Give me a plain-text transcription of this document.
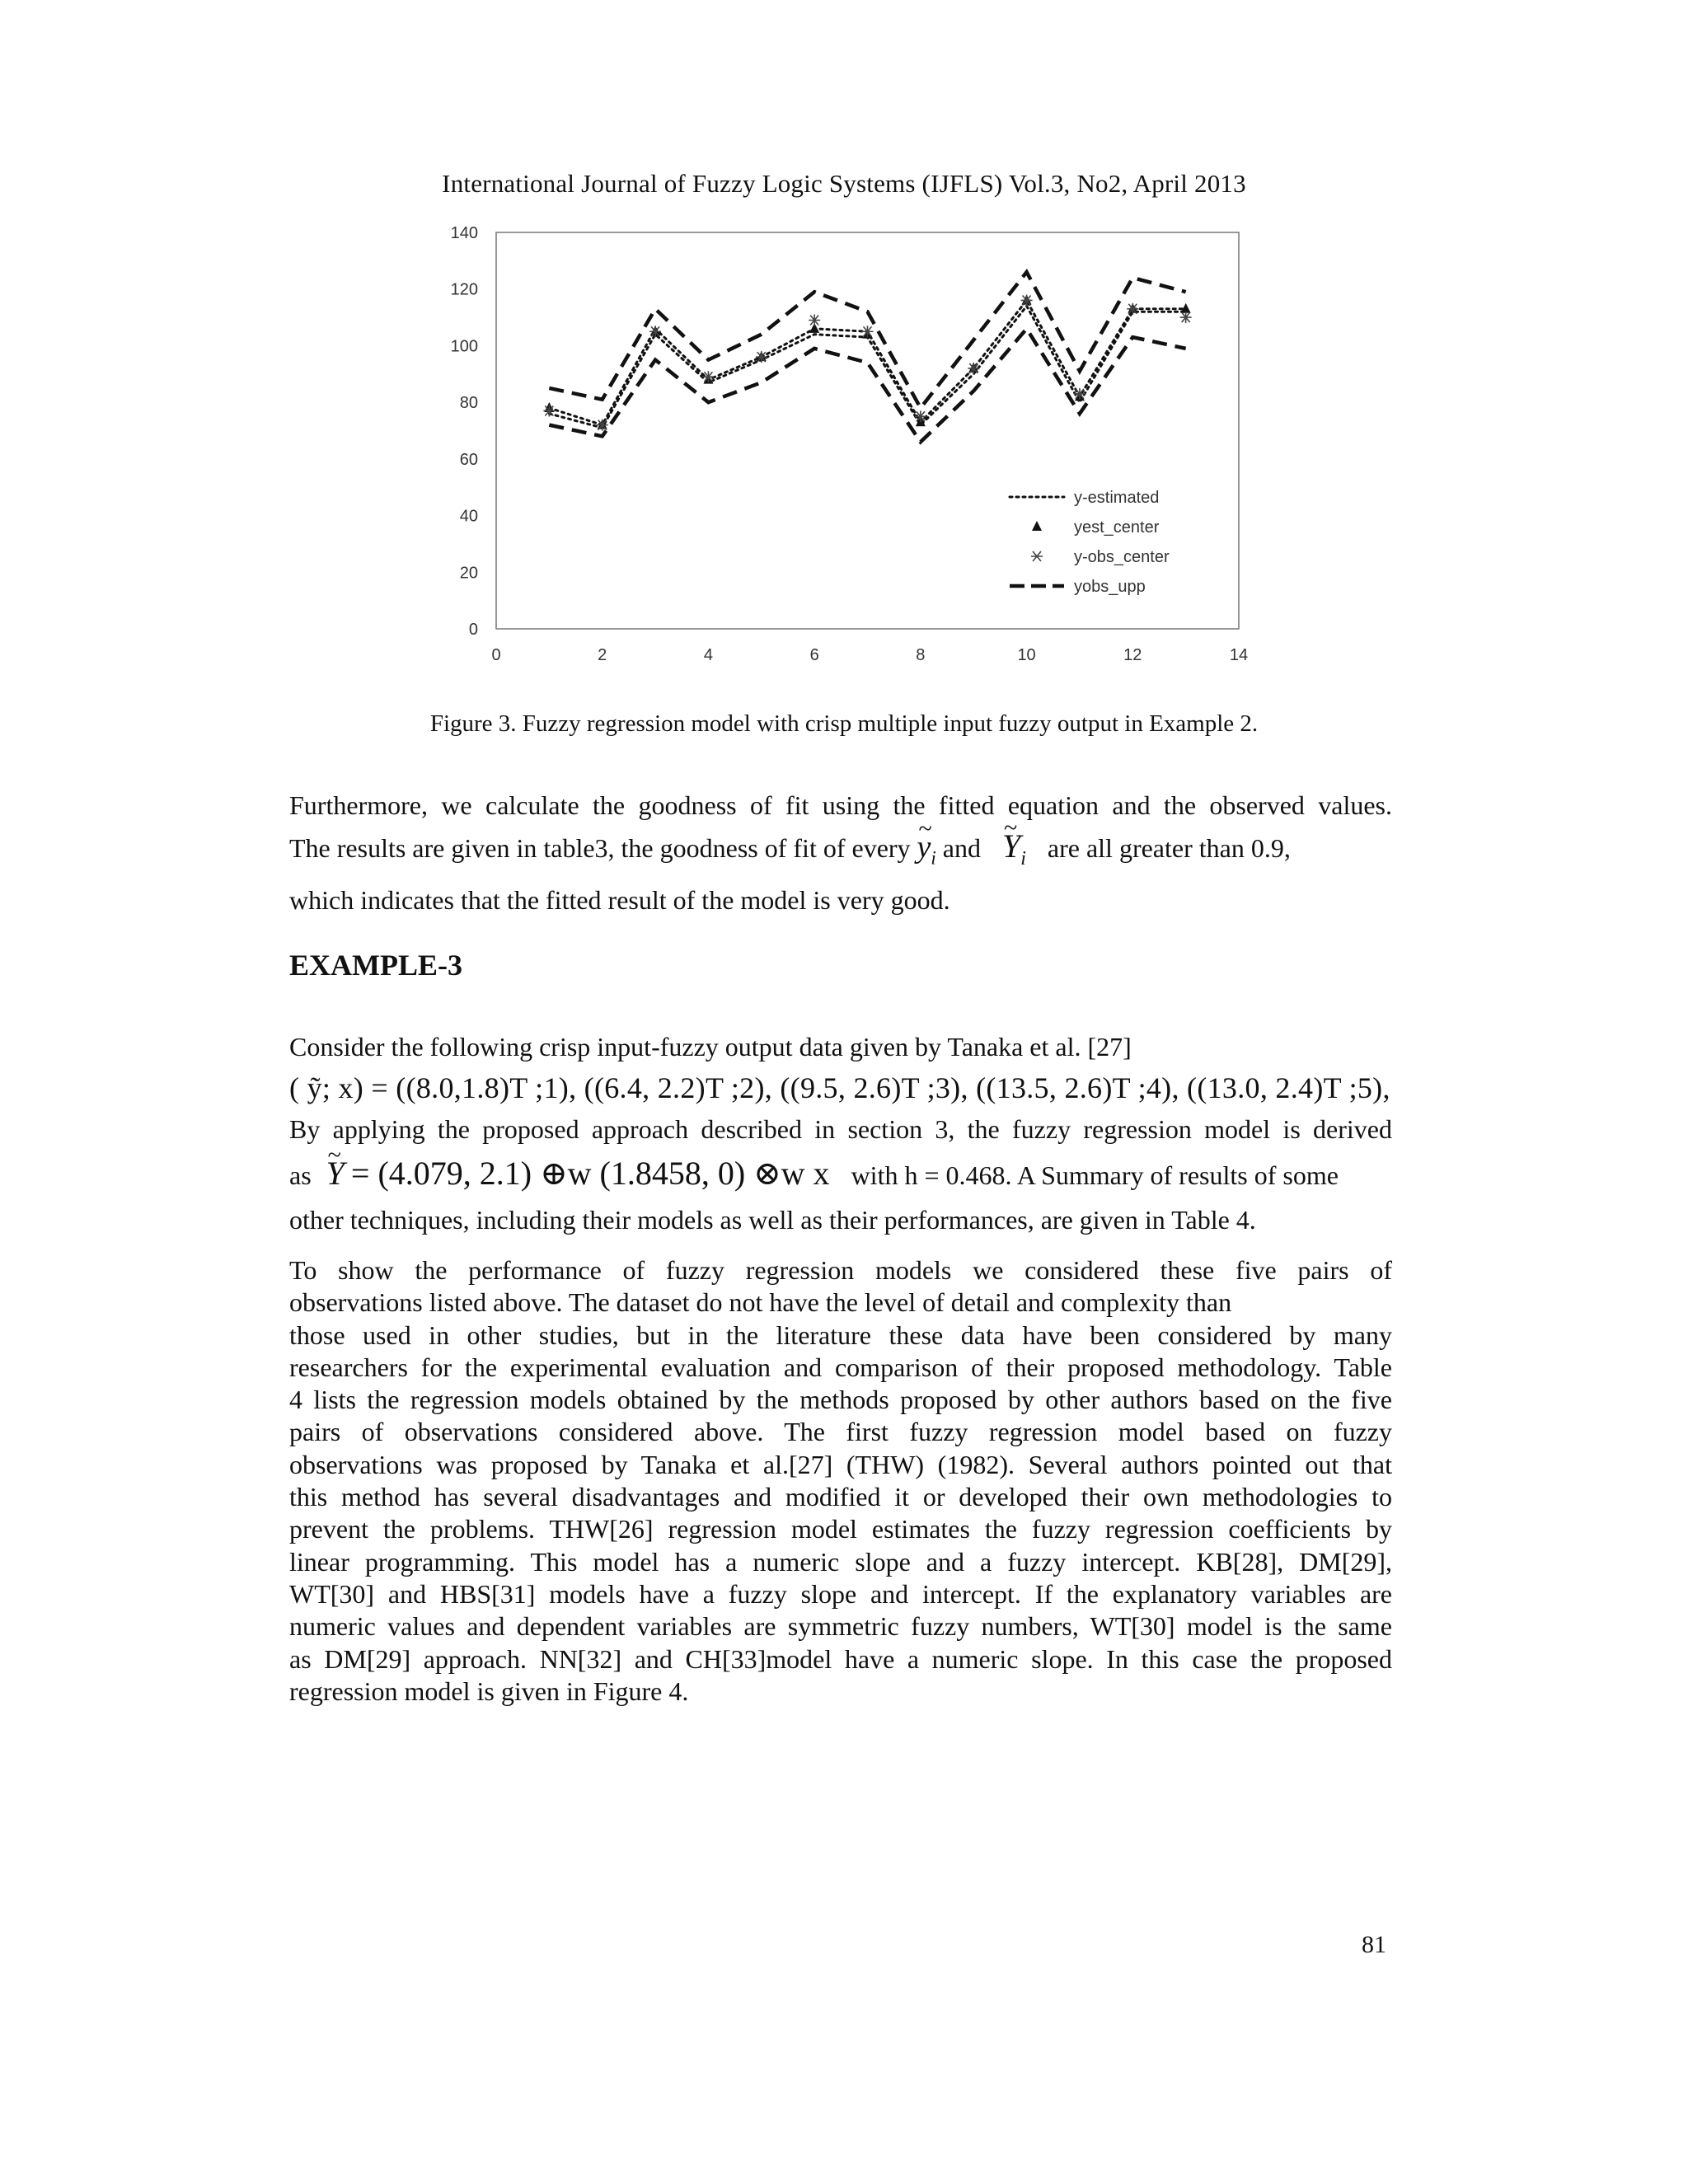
International Journal of Fuzzy Logic Systems (IJFLS) Vol.3, No2, April 2013
0
20
40
60
80
100
120
140
0	2	4	6	8	10	12	14
y-estimated
yest_center
y-obs_center
yobs_upp
Figure 3. Fuzzy regression model with crisp multiple input fuzzy output in Example 2.
Furthermore, we calculate the goodness of fit using the fitted equation and the observed values.
The results are given in table3, the goodness of fit of every ~ $y_i$ and ~ $Y_i$ are all greater than 0.9,
which indicates that the fitted result of the model is very good.
EXAMPLE-3
Consider the following crisp input-fuzzy output data given by Tanaka et al. [27]
( ỹ; x) = ((8.0,1.8)T ;1), ((6.4, 2.2)T ;2), ((9.5, 2.6)T ;3), ((13.5, 2.6)T ;4), ((13.0, 2.4)T ;5),
By applying the proposed approach described in section 3, the fuzzy regression model is derived
as ~ Y = (4.079, 2.1) ⊕w (1.8458, 0) ⊗w x with h = 0.468. A Summary of results of some
other techniques, including their models as well as their performances, are given in Table 4.
To show the performance of fuzzy regression models we considered these five pairs of
observations listed above. The dataset do not have the level of detail and complexity than
those used in other studies, but in the literature these data have been considered by many
researchers for the experimental evaluation and comparison of their proposed methodology. Table
4 lists the regression models obtained by the methods proposed by other authors based on the five
pairs of observations considered above. The first fuzzy regression model based on fuzzy
observations was proposed by Tanaka et al.[27] (THW) (1982). Several authors pointed out that
this method has several disadvantages and modified it or developed their own methodologies to
prevent the problems. THW[26] regression model estimates the fuzzy regression coefficients by
linear programming. This model has a numeric slope and a fuzzy intercept. KB[28], DM[29],
WT[30] and HBS[31] models have a fuzzy slope and intercept. If the explanatory variables are
numeric values and dependent variables are symmetric fuzzy numbers, WT[30] model is the same
as DM[29] approach. NN[32] and CH[33]model have a numeric slope. In this case the proposed
regression model is given in Figure 4.
81
